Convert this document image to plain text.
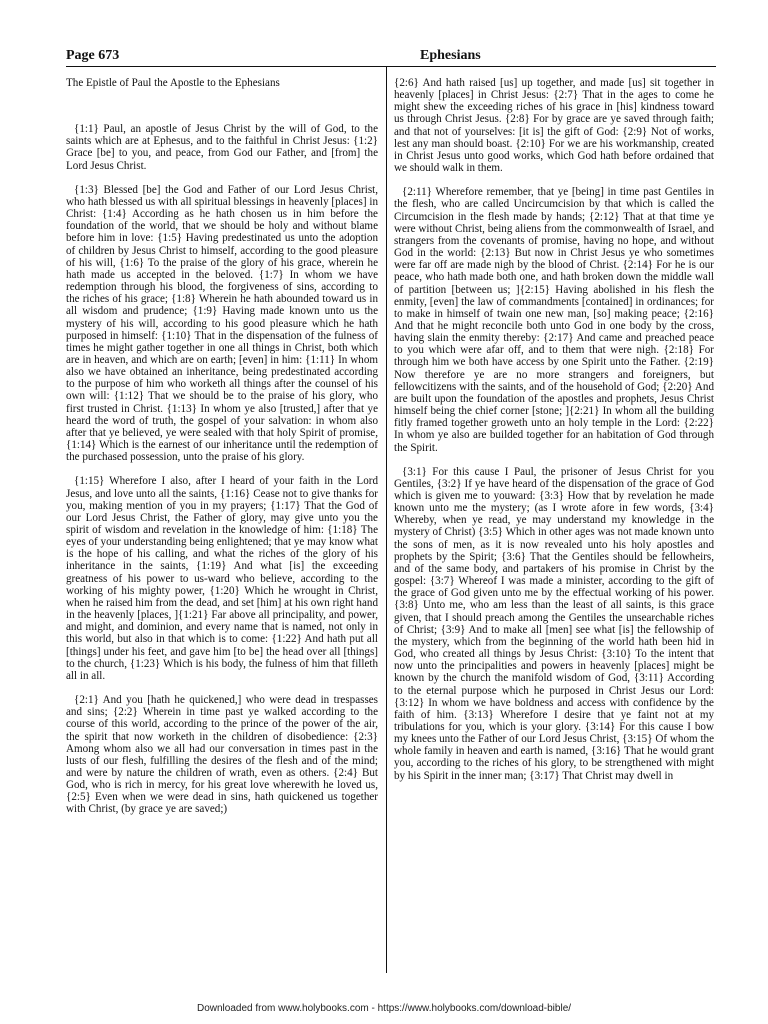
Page 673	Ephesians

The Epistle of Paul the Apostle to the Ephesians

{1:1} Paul, an apostle of Jesus Christ by the will of God, to the saints which are at Ephesus, and to the faithful in Christ Jesus: {1:2} Grace [be] to you, and peace, from God our Father, and [from] the Lord Jesus Christ.

{1:3} Blessed [be] the God and Father of our Lord Jesus Christ, who hath blessed us with all spiritual blessings in heavenly [places] in Christ: {1:4} According as he hath chosen us in him before the foundation of the world, that we should be holy and without blame before him in love: {1:5} Having predestinated us unto the adoption of children by Jesus Christ to himself, according to the good pleasure of his will, {1:6} To the praise of the glory of his grace, wherein he hath made us accepted in the beloved. {1:7} In whom we have redemption through his blood, the forgiveness of sins, according to the riches of his grace; {1:8} Wherein he hath abounded toward us in all wisdom and prudence; {1:9} Having made known unto us the mystery of his will, according to his good pleasure which he hath purposed in himself: {1:10} That in the dispensation of the fulness of times he might gather together in one all things in Christ, both which are in heaven, and which are on earth; [even] in him: {1:11} In whom also we have obtained an inheritance, being predestinated according to the purpose of him who worketh all things after the counsel of his own will: {1:12} That we should be to the praise of his glory, who first trusted in Christ. {1:13} In whom ye also [trusted,] after that ye heard the word of truth, the gospel of your salvation: in whom also after that ye believed, ye were sealed with that holy Spirit of promise, {1:14} Which is the earnest of our inheritance until the redemption of the purchased possession, unto the praise of his glory.

{1:15} Wherefore I also, after I heard of your faith in the Lord Jesus, and love unto all the saints, {1:16} Cease not to give thanks for you, making mention of you in my prayers; {1:17} That the God of our Lord Jesus Christ, the Father of glory, may give unto you the spirit of wisdom and revelation in the knowledge of him: {1:18} The eyes of your understanding being enlightened; that ye may know what is the hope of his calling, and what the riches of the glory of his inheritance in the saints, {1:19} And what [is] the exceeding greatness of his power to us-ward who believe, according to the working of his mighty power, {1:20} Which he wrought in Christ, when he raised him from the dead, and set [him] at his own right hand in the heavenly [places, ]{1:21} Far above all principality, and power, and might, and dominion, and every name that is named, not only in this world, but also in that which is to come: {1:22} And hath put all [things] under his feet, and gave him [to be] the head over all [things] to the church, {1:23} Which is his body, the fulness of him that filleth all in all.

{2:1} And you [hath he quickened,] who were dead in trespasses and sins; {2:2} Wherein in time past ye walked according to the course of this world, according to the prince of the power of the air, the spirit that now worketh in the children of disobedience: {2:3} Among whom also we all had our conversation in times past in the lusts of our flesh, fulfilling the desires of the flesh and of the mind; and were by nature the children of wrath, even as others. {2:4} But God, who is rich in mercy, for his great love wherewith he loved us, {2:5} Even when we were dead in sins, hath quickened us together with Christ, (by grace ye are saved;)

{2:6} And hath raised [us] up together, and made [us] sit together in heavenly [places] in Christ Jesus: {2:7} That in the ages to come he might shew the exceeding riches of his grace in [his] kindness toward us through Christ Jesus. {2:8} For by grace are ye saved through faith; and that not of yourselves: [it is] the gift of God: {2:9} Not of works, lest any man should boast. {2:10} For we are his workmanship, created in Christ Jesus unto good works, which God hath before ordained that we should walk in them.

{2:11} Wherefore remember, that ye [being] in time past Gentiles in the flesh, who are called Uncircumcision by that which is called the Circumcision in the flesh made by hands; {2:12} That at that time ye were without Christ, being aliens from the commonwealth of Israel, and strangers from the covenants of promise, having no hope, and without God in the world: {2:13} But now in Christ Jesus ye who sometimes were far off are made nigh by the blood of Christ. {2:14} For he is our peace, who hath made both one, and hath broken down the middle wall of partition [between us; ]{2:15} Having abolished in his flesh the enmity, [even] the law of commandments [contained] in ordinances; for to make in himself of twain one new man, [so] making peace; {2:16} And that he might reconcile both unto God in one body by the cross, having slain the enmity thereby: {2:17} And came and preached peace to you which were afar off, and to them that were nigh. {2:18} For through him we both have access by one Spirit unto the Father. {2:19} Now therefore ye are no more strangers and foreigners, but fellowcitizens with the saints, and of the household of God; {2:20} And are built upon the foundation of the apostles and prophets, Jesus Christ himself being the chief corner [stone; ]{2:21} In whom all the building fitly framed together groweth unto an holy temple in the Lord: {2:22} In whom ye also are builded together for an habitation of God through the Spirit.

{3:1} For this cause I Paul, the prisoner of Jesus Christ for you Gentiles, {3:2} If ye have heard of the dispensation of the grace of God which is given me to youward: {3:3} How that by revelation he made known unto me the mystery; (as I wrote afore in few words, {3:4} Whereby, when ye read, ye may understand my knowledge in the mystery of Christ) {3:5} Which in other ages was not made known unto the sons of men, as it is now revealed unto his holy apostles and prophets by the Spirit; {3:6} That the Gentiles should be fellowheirs, and of the same body, and partakers of his promise in Christ by the gospel: {3:7} Whereof I was made a minister, according to the gift of the grace of God given unto me by the effectual working of his power. {3:8} Unto me, who am less than the least of all saints, is this grace given, that I should preach among the Gentiles the unsearchable riches of Christ; {3:9} And to make all [men] see what [is] the fellowship of the mystery, which from the beginning of the world hath been hid in God, who created all things by Jesus Christ: {3:10} To the intent that now unto the principalities and powers in heavenly [places] might be known by the church the manifold wisdom of God, {3:11} According to the eternal purpose which he purposed in Christ Jesus our Lord: {3:12} In whom we have boldness and access with confidence by the faith of him. {3:13} Wherefore I desire that ye faint not at my tribulations for you, which is your glory. {3:14} For this cause I bow my knees unto the Father of our Lord Jesus Christ, {3:15} Of whom the whole family in heaven and earth is named, {3:16} That he would grant you, according to the riches of his glory, to be strengthened with might by his Spirit in the inner man; {3:17} That Christ may dwell in

Downloaded from www.holybooks.com - https://www.holybooks.com/download-bible/
